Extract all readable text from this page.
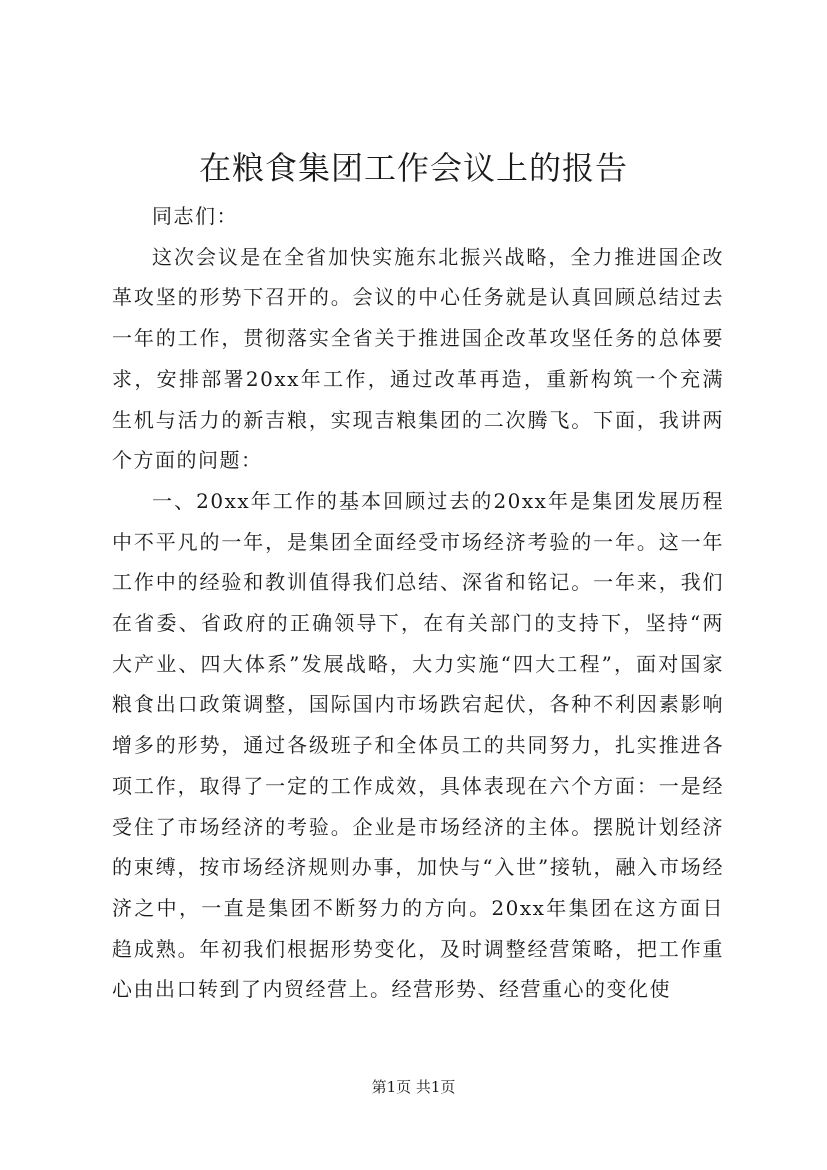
在粮食集团工作会议上的报告

同志们：

这次会议是在全省加快实施东北振兴战略，全力推进国企改革攻坚的形势下召开的。会议的中心任务就是认真回顾总结过去一年的工作，贯彻落实全省关于推进国企改革攻坚任务的总体要求，安排部署20xx年工作，通过改革再造，重新构筑一个充满生机与活力的新吉粮，实现吉粮集团的二次腾飞。下面，我讲两个方面的问题：

一、20xx年工作的基本回顾过去的20xx年是集团发展历程中不平凡的一年，是集团全面经受市场经济考验的一年。这一年工作中的经验和教训值得我们总结、深省和铭记。一年来，我们在省委、省政府的正确领导下，在有关部门的支持下，坚持“两大产业、四大体系”发展战略，大力实施“四大工程”，面对国家粮食出口政策调整，国际国内市场跌宕起伏，各种不利因素影响增多的形势，通过各级班子和全体员工的共同努力，扎实推进各项工作，取得了一定的工作成效，具体表现在六个方面：一是经受住了市场经济的考验。企业是市场经济的主体。摆脱计划经济的束缚，按市场经济规则办事，加快与“入世”接轨，融入市场经济之中，一直是集团不断努力的方向。20xx年集团在这方面日趋成熟。年初我们根据形势变化，及时调整经营策略，把工作重心由出口转到了内贸经营上。经营形势、经营重心的变化使

第1页 共1页
